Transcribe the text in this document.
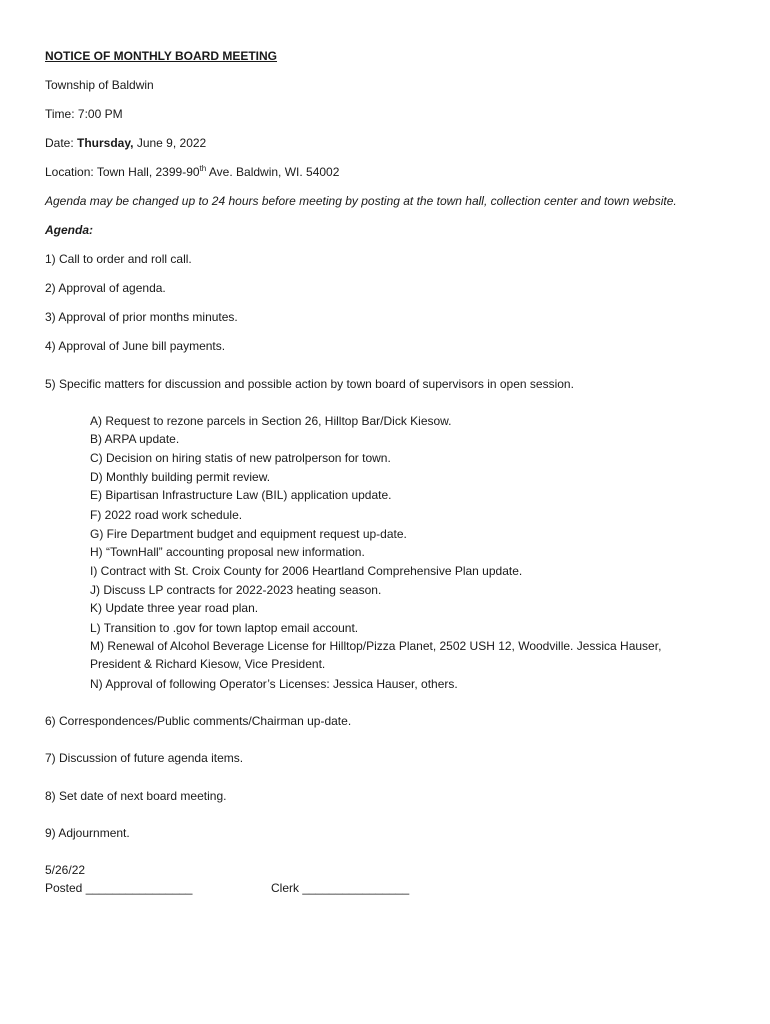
NOTICE OF MONTHLY BOARD MEETING
Township of Baldwin
Time: 7:00 PM
Date: Thursday, June 9, 2022
Location: Town Hall, 2399-90th Ave. Baldwin, WI. 54002
Agenda may be changed up to 24 hours before meeting by posting at the town hall, collection center and town website.
Agenda:
1) Call to order and roll call.
2) Approval of agenda.
3) Approval of prior months minutes.
4) Approval of June bill payments.
5) Specific matters for discussion and possible action by town board of supervisors in open session.
A) Request to rezone parcels in Section 26, Hilltop Bar/Dick Kiesow.
B) ARPA update.
C) Decision on hiring statis of new patrolperson for town.
D) Monthly building permit review.
E) Bipartisan Infrastructure Law (BIL) application update.
F) 2022 road work schedule.
G) Fire Department budget and equipment request up-date.
H) “TownHall” accounting proposal new information.
I) Contract with St. Croix County for 2006 Heartland Comprehensive Plan update.
J) Discuss LP contracts for 2022-2023 heating season.
K) Update three year road plan.
L) Transition to .gov for town laptop email account.
M) Renewal of Alcohol Beverage License for Hilltop/Pizza Planet, 2502 USH 12, Woodville. Jessica Hauser,
President & Richard Kiesow, Vice President.
N) Approval of following Operator’s Licenses: Jessica Hauser, others.
6) Correspondences/Public comments/Chairman up-date.
7) Discussion of future agenda items.
8) Set date of next board meeting.
9) Adjournment.
5/26/22
Posted ________________	Clerk ________________
